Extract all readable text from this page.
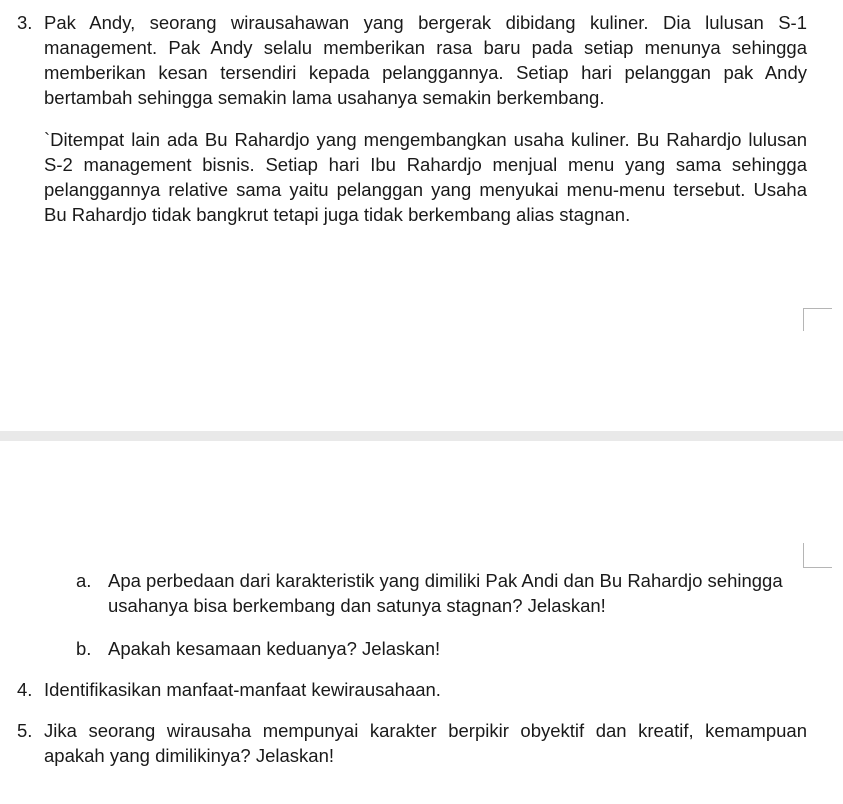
3. Pak Andy, seorang wirausahawan yang bergerak dibidang kuliner. Dia lulusan S-1 management. Pak Andy selalu memberikan rasa baru pada setiap menunya sehingga memberikan kesan tersendiri kepada pelanggannya. Setiap hari pelanggan pak Andy bertambah sehingga semakin lama usahanya semakin berkembang.
`Ditempat lain ada Bu Rahardjo yang mengembangkan usaha kuliner. Bu Rahardjo lulusan S-2 management bisnis. Setiap hari Ibu Rahardjo menjual menu yang sama sehingga pelanggannya relative sama yaitu pelanggan yang menyukai menu-menu tersebut. Usaha Bu Rahardjo tidak bangkrut tetapi juga tidak berkembang alias stagnan.
a. Apa perbedaan dari karakteristik yang dimiliki Pak Andi dan Bu Rahardjo sehingga usahanya bisa berkembang dan satunya stagnan? Jelaskan!
b. Apakah kesamaan keduanya? Jelaskan!
4. Identifikasikan manfaat-manfaat kewirausahaan.
5. Jika seorang wirausaha mempunyai karakter berpikir obyektif dan kreatif, kemampuan apakah yang dimilikinya? Jelaskan!
